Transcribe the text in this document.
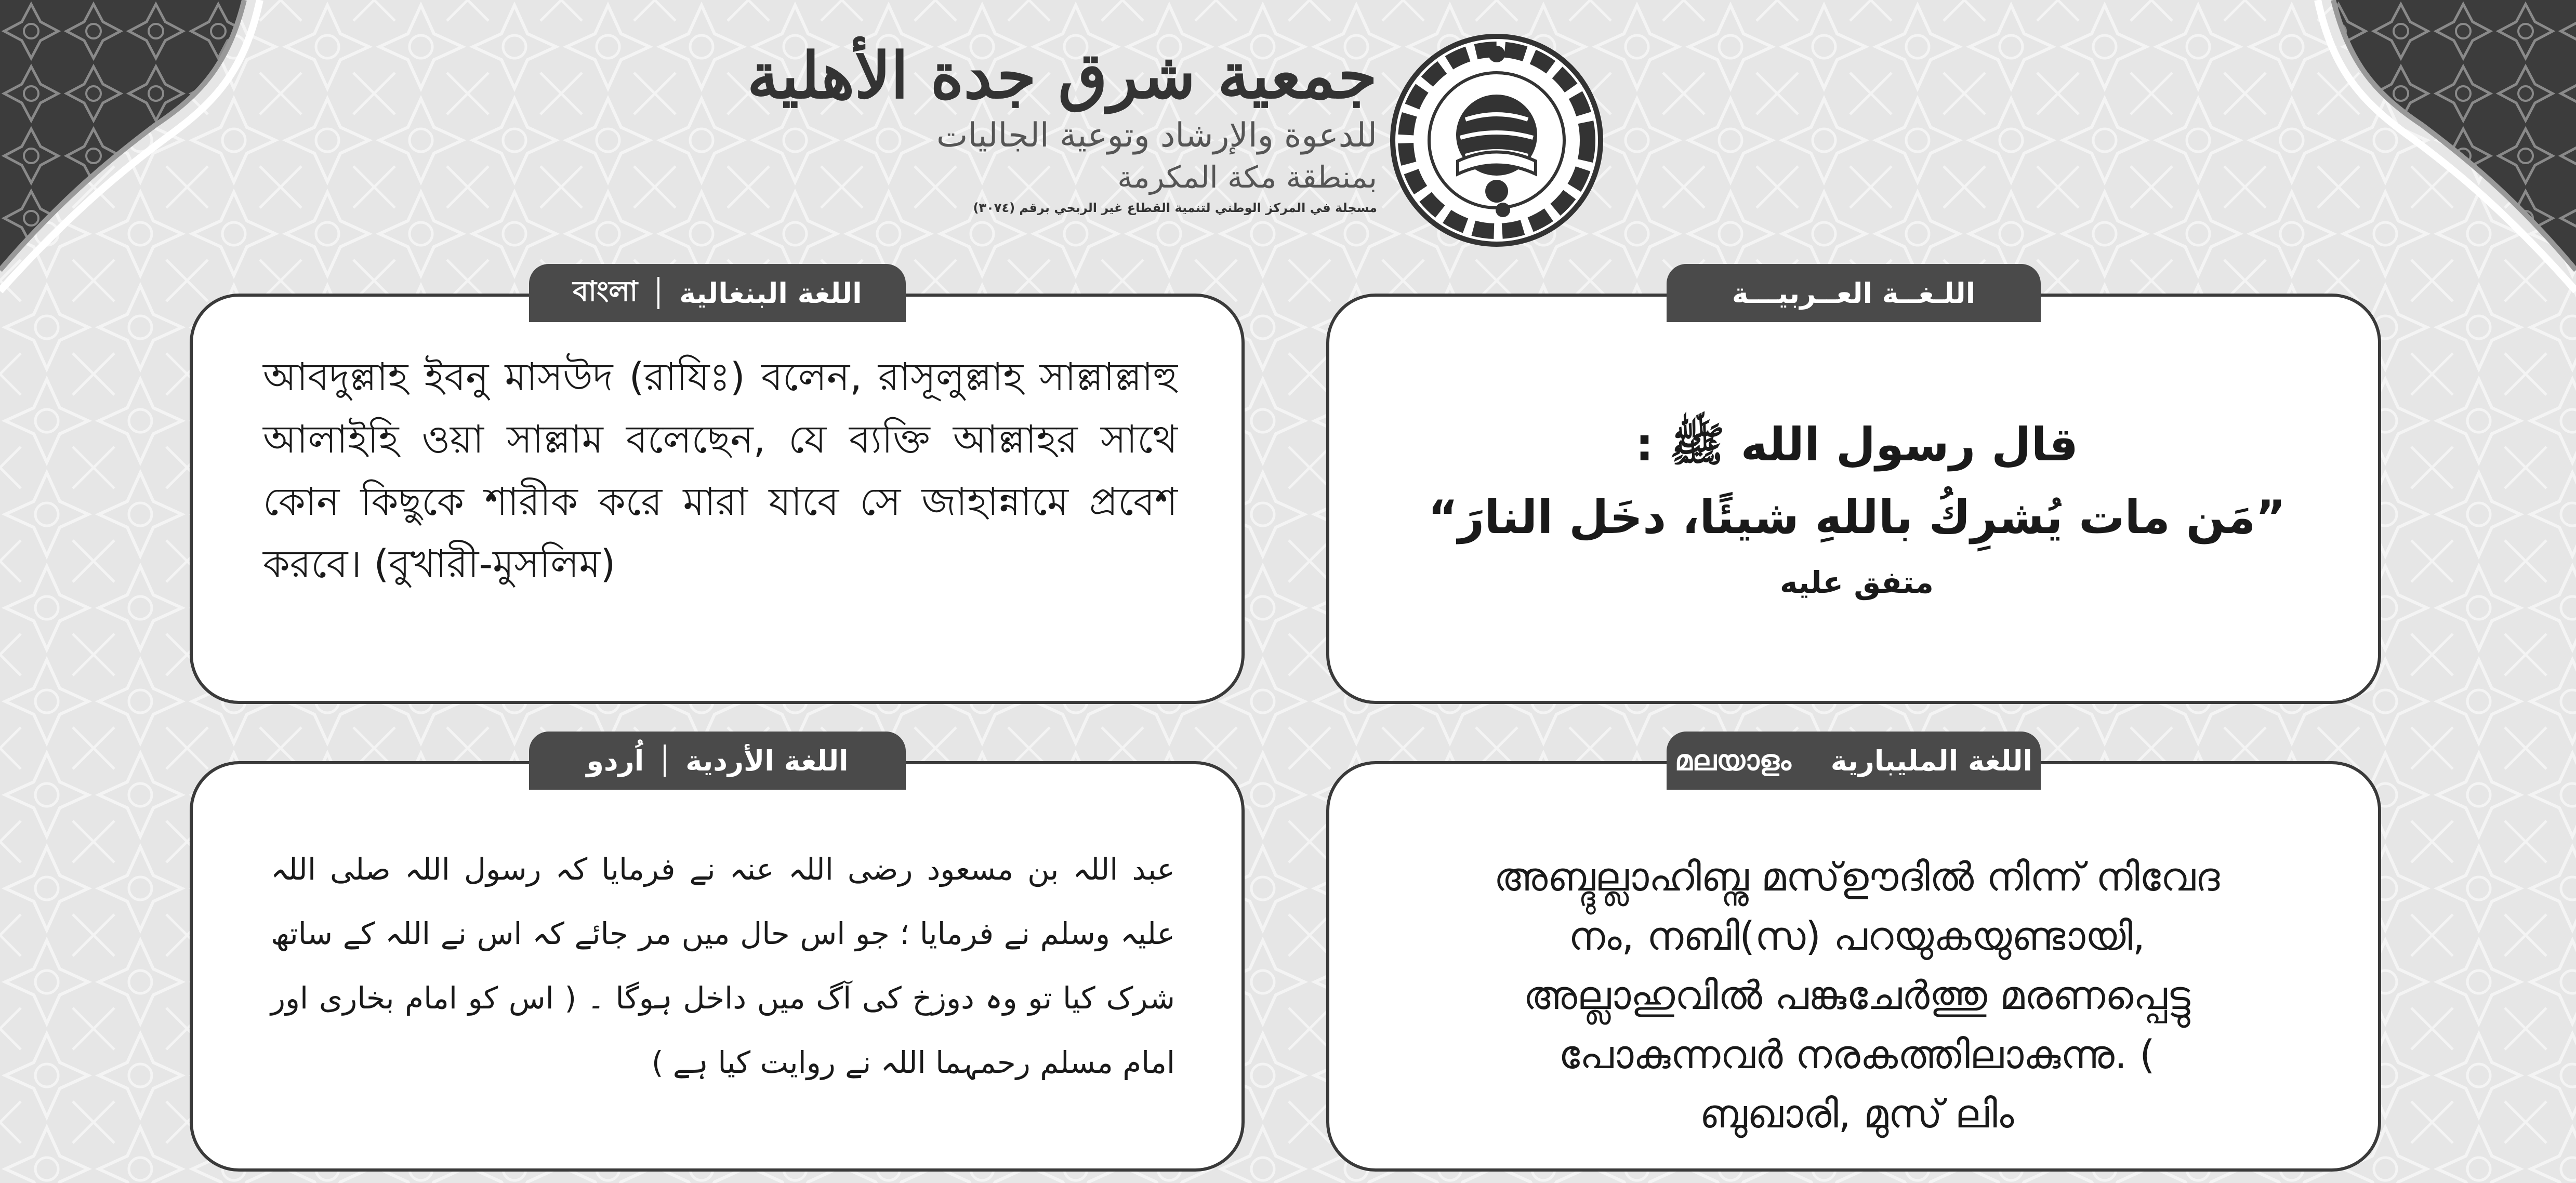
جمعية شرق جدة الأهلية
للدعوة والإرشاد وتوعية الجاليات
بمنطقة مكة المكرمة
مسجلة في المركز الوطني لتنمية القطاع غير الربحي برقم (٣٠٧٤)
আবদুল্লাহ ইবনু মাসউদ (রাযিঃ) বলেন, রাসূলুল্লাহ সাল্লাল্লাহু আলাইহি ওয়া সাল্লাম বলেছেন, যে ব্যক্তি আল্লাহর সাথে কোন কিছুকে শারীক করে মারা যাবে সে জাহান্নামে প্রবেশ করবে। (বুখারী-মুসলিম)
বাংলা اللغة البنغالية
قال رسول الله ﷺ :
”مَن مات يُشرِكُ باللهِ شيئًا، دخَل النارَ“
متفق عليه
اللـغــة العــربيـــة
عبد اللہ بن مسعود رضی اللہ عنہ نے فرمایا کہ رسول اللہ صلی اللہ علیہ وسلم نے فرمایا ؛ جو اس حال میں مر جائے کہ اس نے اللہ کے ساتھ شرک کیا تو وہ دوزخ کی آگ میں داخل ہوگا ۔ ( اس کو امام بخاری اور امام مسلم رحمہما اللہ نے روایت کیا ہے )
اُردو اللغة الأردية
അബ്ദുല്ലാഹിബ്നു മസ്ഊദിൽ നിന്ന് നിവേദ
നം, നബി(സ) പറയുകയുണ്ടായി,
അല്ലാഹുവിൽ പങ്കുചേർത്തു മരണപ്പെട്ടു
പോകുന്നവർ നരകത്തിലാകുന്നു. (
ബുഖാരി, മുസ് ലിം
മലയാളം اللغة المليبارية
